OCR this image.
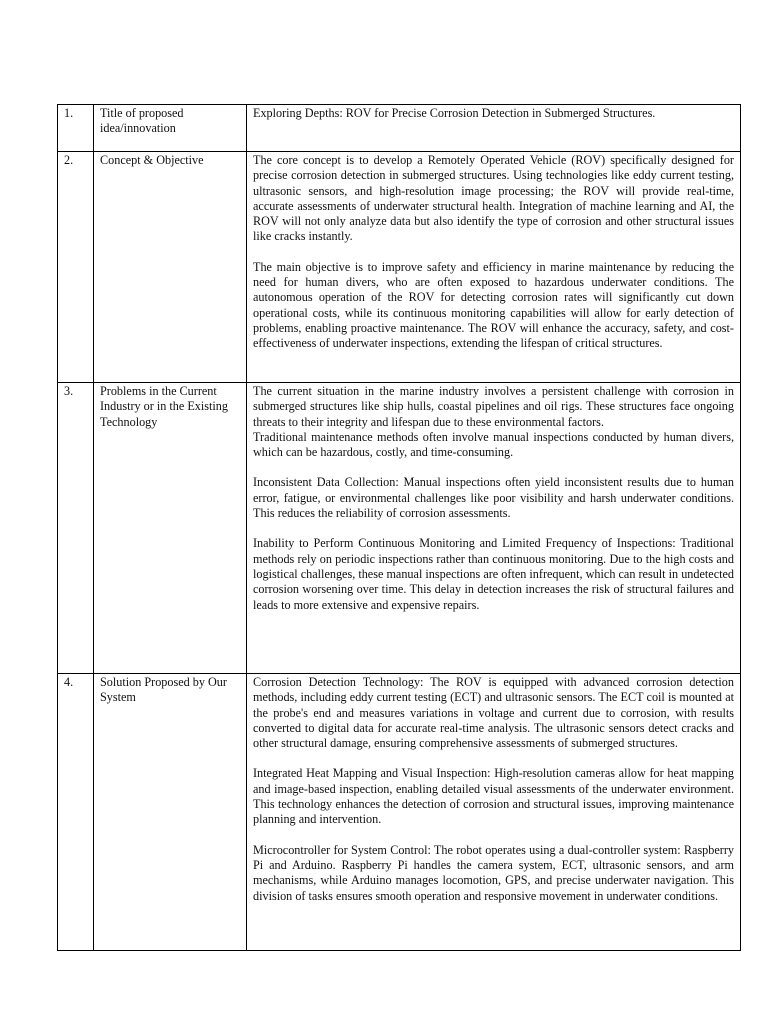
1.	Title of proposed idea/innovation	Exploring Depths: ROV for Precise Corrosion Detection in Submerged Structures.

2.	Concept & Objective	The core concept is to develop a Remotely Operated Vehicle (ROV) specifically designed for precise corrosion detection in submerged structures. Using technologies like eddy current testing, ultrasonic sensors, and high-resolution image processing; the ROV will provide real-time, accurate assessments of underwater structural health. Integration of machine learning and AI, the ROV will not only analyze data but also identify the type of corrosion and other structural issues like cracks instantly.

The main objective is to improve safety and efficiency in marine maintenance by reducing the need for human divers, who are often exposed to hazardous underwater conditions. The autonomous operation of the ROV for detecting corrosion rates will significantly cut down operational costs, while its continuous monitoring capabilities will allow for early detection of problems, enabling proactive maintenance. The ROV will enhance the accuracy, safety, and cost-effectiveness of underwater inspections, extending the lifespan of critical structures.

3.	Problems in the Current Industry or in the Existing Technology	The current situation in the marine industry involves a persistent challenge with corrosion in submerged structures like ship hulls, coastal pipelines and oil rigs. These structures face ongoing threats to their integrity and lifespan due to these environmental factors.

Traditional maintenance methods often involve manual inspections conducted by human divers, which can be hazardous, costly, and time-consuming.

Inconsistent Data Collection: Manual inspections often yield inconsistent results due to human error, fatigue, or environmental challenges like poor visibility and harsh underwater conditions. This reduces the reliability of corrosion assessments.

Inability to Perform Continuous Monitoring and Limited Frequency of Inspections: Traditional methods rely on periodic inspections rather than continuous monitoring. Due to the high costs and logistical challenges, these manual inspections are often infrequent, which can result in undetected corrosion worsening over time. This delay in detection increases the risk of structural failures and leads to more extensive and expensive repairs.

4.	Solution Proposed by Our System	Corrosion Detection Technology: The ROV is equipped with advanced corrosion detection methods, including eddy current testing (ECT) and ultrasonic sensors. The ECT coil is mounted at the probe's end and measures variations in voltage and current due to corrosion, with results converted to digital data for accurate real-time analysis. The ultrasonic sensors detect cracks and other structural damage, ensuring comprehensive assessments of submerged structures.

Integrated Heat Mapping and Visual Inspection: High-resolution cameras allow for heat mapping and image-based inspection, enabling detailed visual assessments of the underwater environment. This technology enhances the detection of corrosion and structural issues, improving maintenance planning and intervention.

Microcontroller for System Control: The robot operates using a dual-controller system: Raspberry Pi and Arduino. Raspberry Pi handles the camera system, ECT, ultrasonic sensors, and arm mechanisms, while Arduino manages locomotion, GPS, and precise underwater navigation. This division of tasks ensures smooth operation and responsive movement in underwater conditions.
